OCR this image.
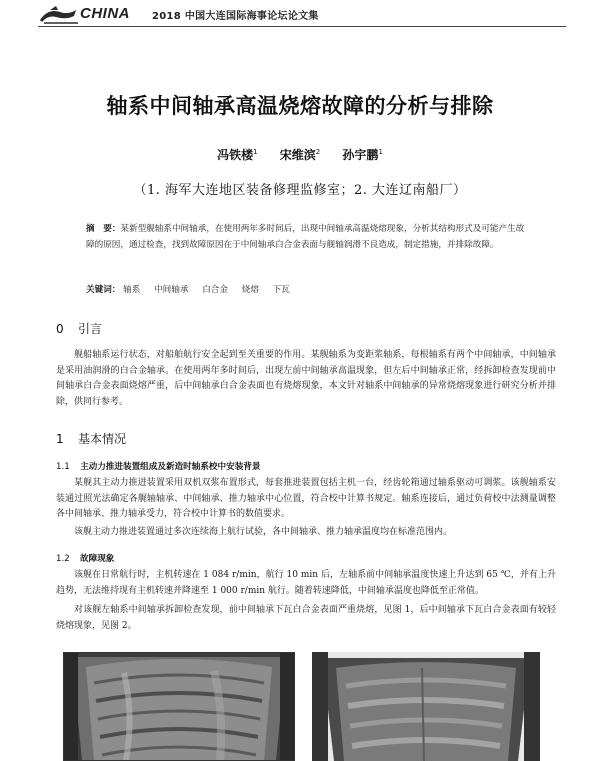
CHINA 2018 中国大连国际海事论坛论文集
轴系中间轴承高温烧熔故障的分析与排除
冯铁楼$^1$ 宋维滨$^2$ 孙宇鹏$^1$
（1. 海军大连地区装备修理监修室；2. 大连辽南船厂）
摘　要：某新型舰轴系中间轴承，在使用两年多时间后，出现中间轴承高温烧熔现象，分析其结构形式及可能产生故障的原因，通过检查，找到故障原因在于中间轴承白合金表面与舰轴润滑不良造成，制定措施，并排除故障。
关键词： 轴系 中间轴承 白合金 烧熔 下瓦
0 引言
舰船轴系运行状态，对船舶航行安全起到至关重要的作用。某舰轴系为变距浆轴系，每根轴系有两个中间轴承，中间轴承是采用油润滑的白合金轴承。在使用两年多时间后，出现左前中间轴承高温现象，但左后中间轴承正常，经拆卸检查发现前中间轴承白合金表面烧熔严重，后中间轴承白合金表面也有烧熔现象，本文针对轴系中间轴承的异常烧熔现象进行研究分析并排除，供同行参考。
1 基本情况
1.1 主动力推进装置组成及新造时轴系校中安装背景
某舰其主动力推进装置采用双机双浆布置形式，每套推进装置包括主机一台，经齿轮箱通过轴系驱动可调浆。该舰轴系安装通过照光法确定各艉轴轴承、中间轴承、推力轴承中心位置，符合校中计算书规定。轴系连接后，通过负荷校中法测量调整各中间轴承、推力轴承受力，符合校中计算书的数值要求。
该舰主动力推进装置通过多次连续海上航行试验，各中间轴承、推力轴承温度均在标准范围内。
1.2 故障现象
该舰在日常航行时，主机转速在 1 084 r/min，航行 10 min 后，左轴系前中间轴承温度快速上升达到 65 ℃，并有上升趋势，无法维持现有主机转速并降速至 1 000 r/min 航行。随着转速降低，中间轴承温度也降低至正常值。
对该舰左轴系中间轴承拆卸检查发现，前中间轴承下瓦白合金表面严重烧熔，见图 1，后中间轴承下瓦白合金表面有较轻烧熔现象，见图 2。
